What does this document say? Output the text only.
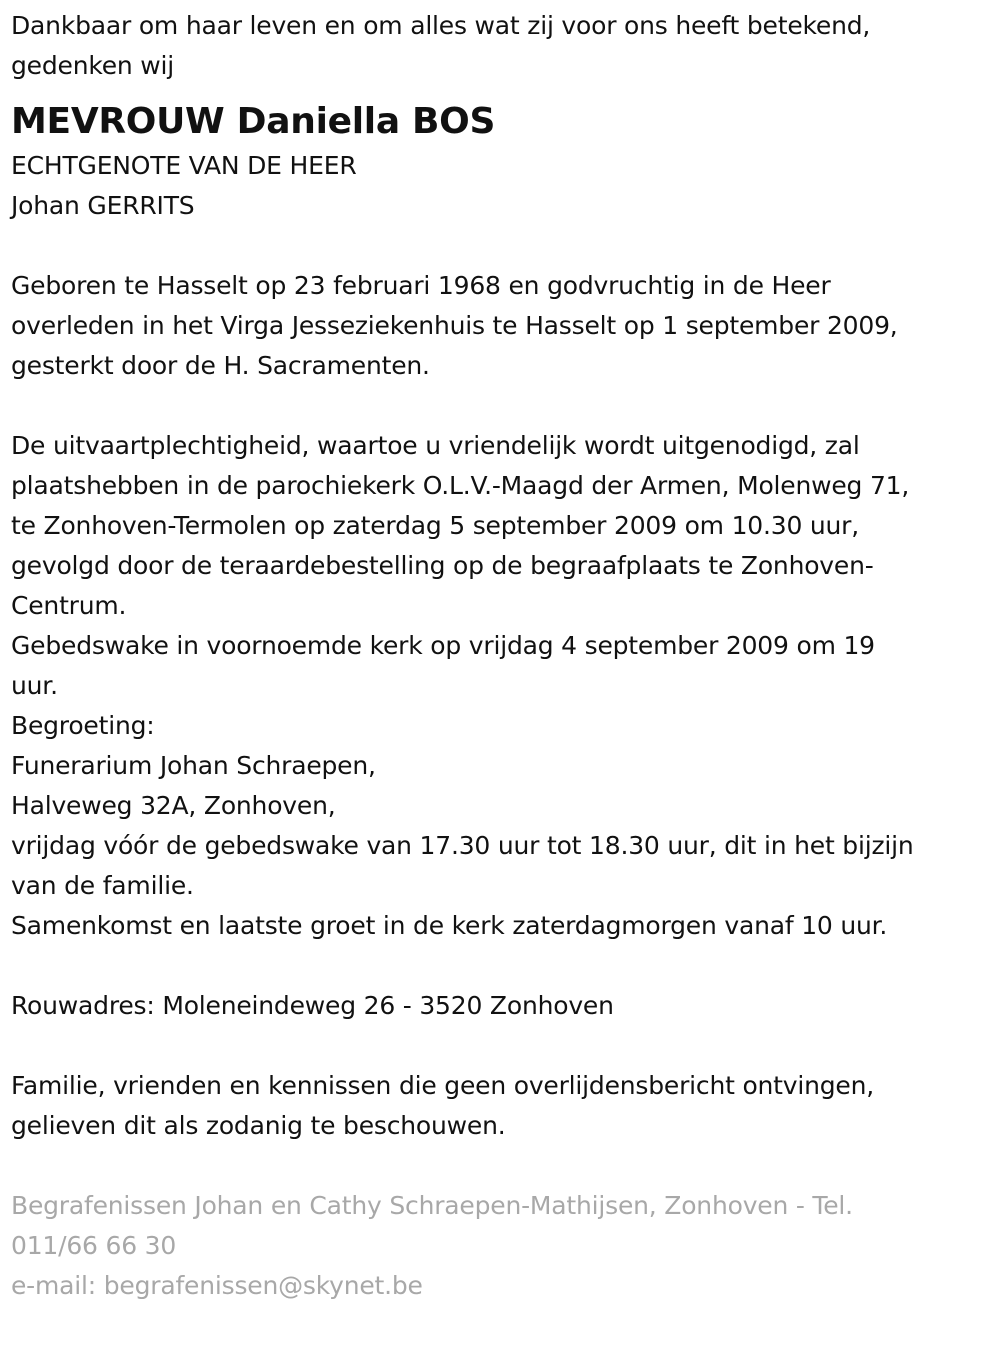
Dankbaar om haar leven en om alles wat zij voor ons heeft betekend,
gedenken wij
MEVROUW Daniella BOS
ECHTGENOTE VAN DE HEER
Johan GERRITS
Geboren te Hasselt op 23 februari 1968 en godvruchtig in de Heer
overleden in het Virga Jesseziekenhuis te Hasselt op 1 september 2009,
gesterkt door de H. Sacramenten.
De uitvaartplechtigheid, waartoe u vriendelijk wordt uitgenodigd, zal
plaatshebben in de parochiekerk O.L.V.-Maagd der Armen, Molenweg 71,
te Zonhoven-Termolen op zaterdag 5 september 2009 om 10.30 uur,
gevolgd door de teraardebestelling op de begraafplaats te Zonhoven-
Centrum.
Gebedswake in voornoemde kerk op vrijdag 4 september 2009 om 19
uur.
Begroeting:
Funerarium Johan Schraepen,
Halveweg 32A, Zonhoven,
vrijdag vóór de gebedswake van 17.30 uur tot 18.30 uur, dit in het bijzijn
van de familie.
Samenkomst en laatste groet in de kerk zaterdagmorgen vanaf 10 uur.
Rouwadres: Moleneindeweg 26 - 3520 Zonhoven
Familie, vrienden en kennissen die geen overlijdensbericht ontvingen,
gelieven dit als zodanig te beschouwen.
Begrafenissen Johan en Cathy Schraepen-Mathijsen, Zonhoven - Tel.
011/66 66 30
e-mail: begrafenissen@skynet.be
